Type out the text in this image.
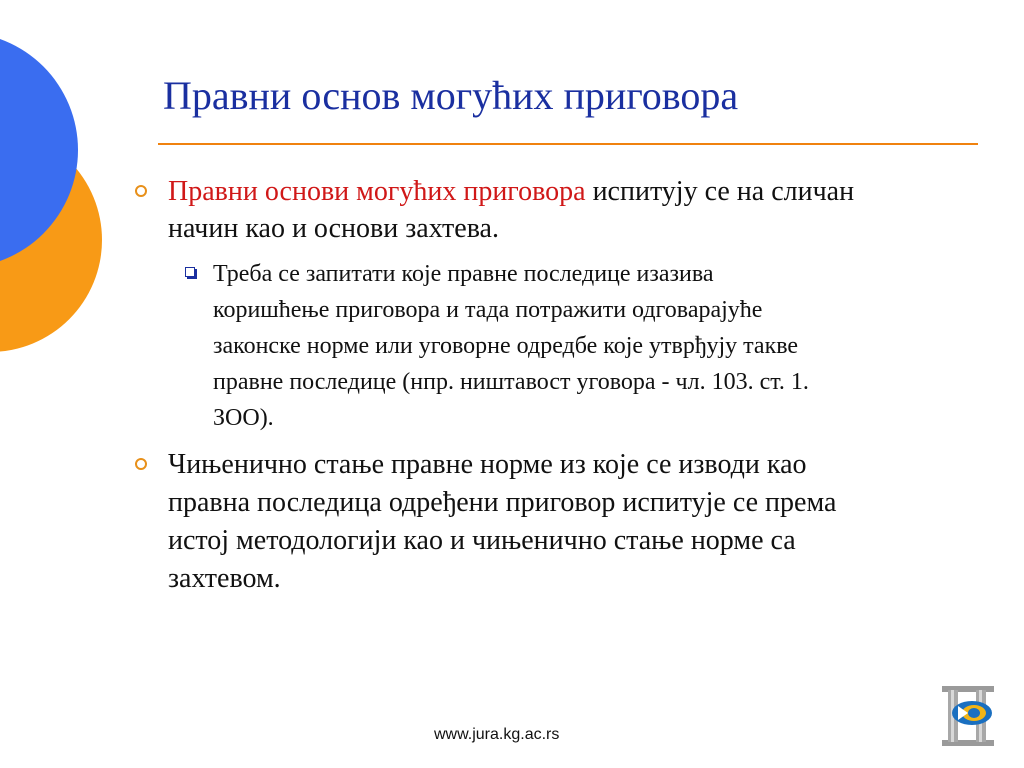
Правни основ могућих приговора
Правни основи могућих приговора испитују се на сличан
начин као и основи захтева.
Треба се запитати које правне последице изазива
коришћење приговора и тада потражити одговарајуће
законске норме или уговорне одредбе које утврђују такве
правне последице (нпр. ништавост уговора - чл. 103. ст. 1.
ЗОО).
Чињенично стање правне норме из које се изводи као
правна последица одређени приговор испитује се према
истој методологији као и чињенично стање норме са
захтевом.
www.jura.kg.ac.rs
